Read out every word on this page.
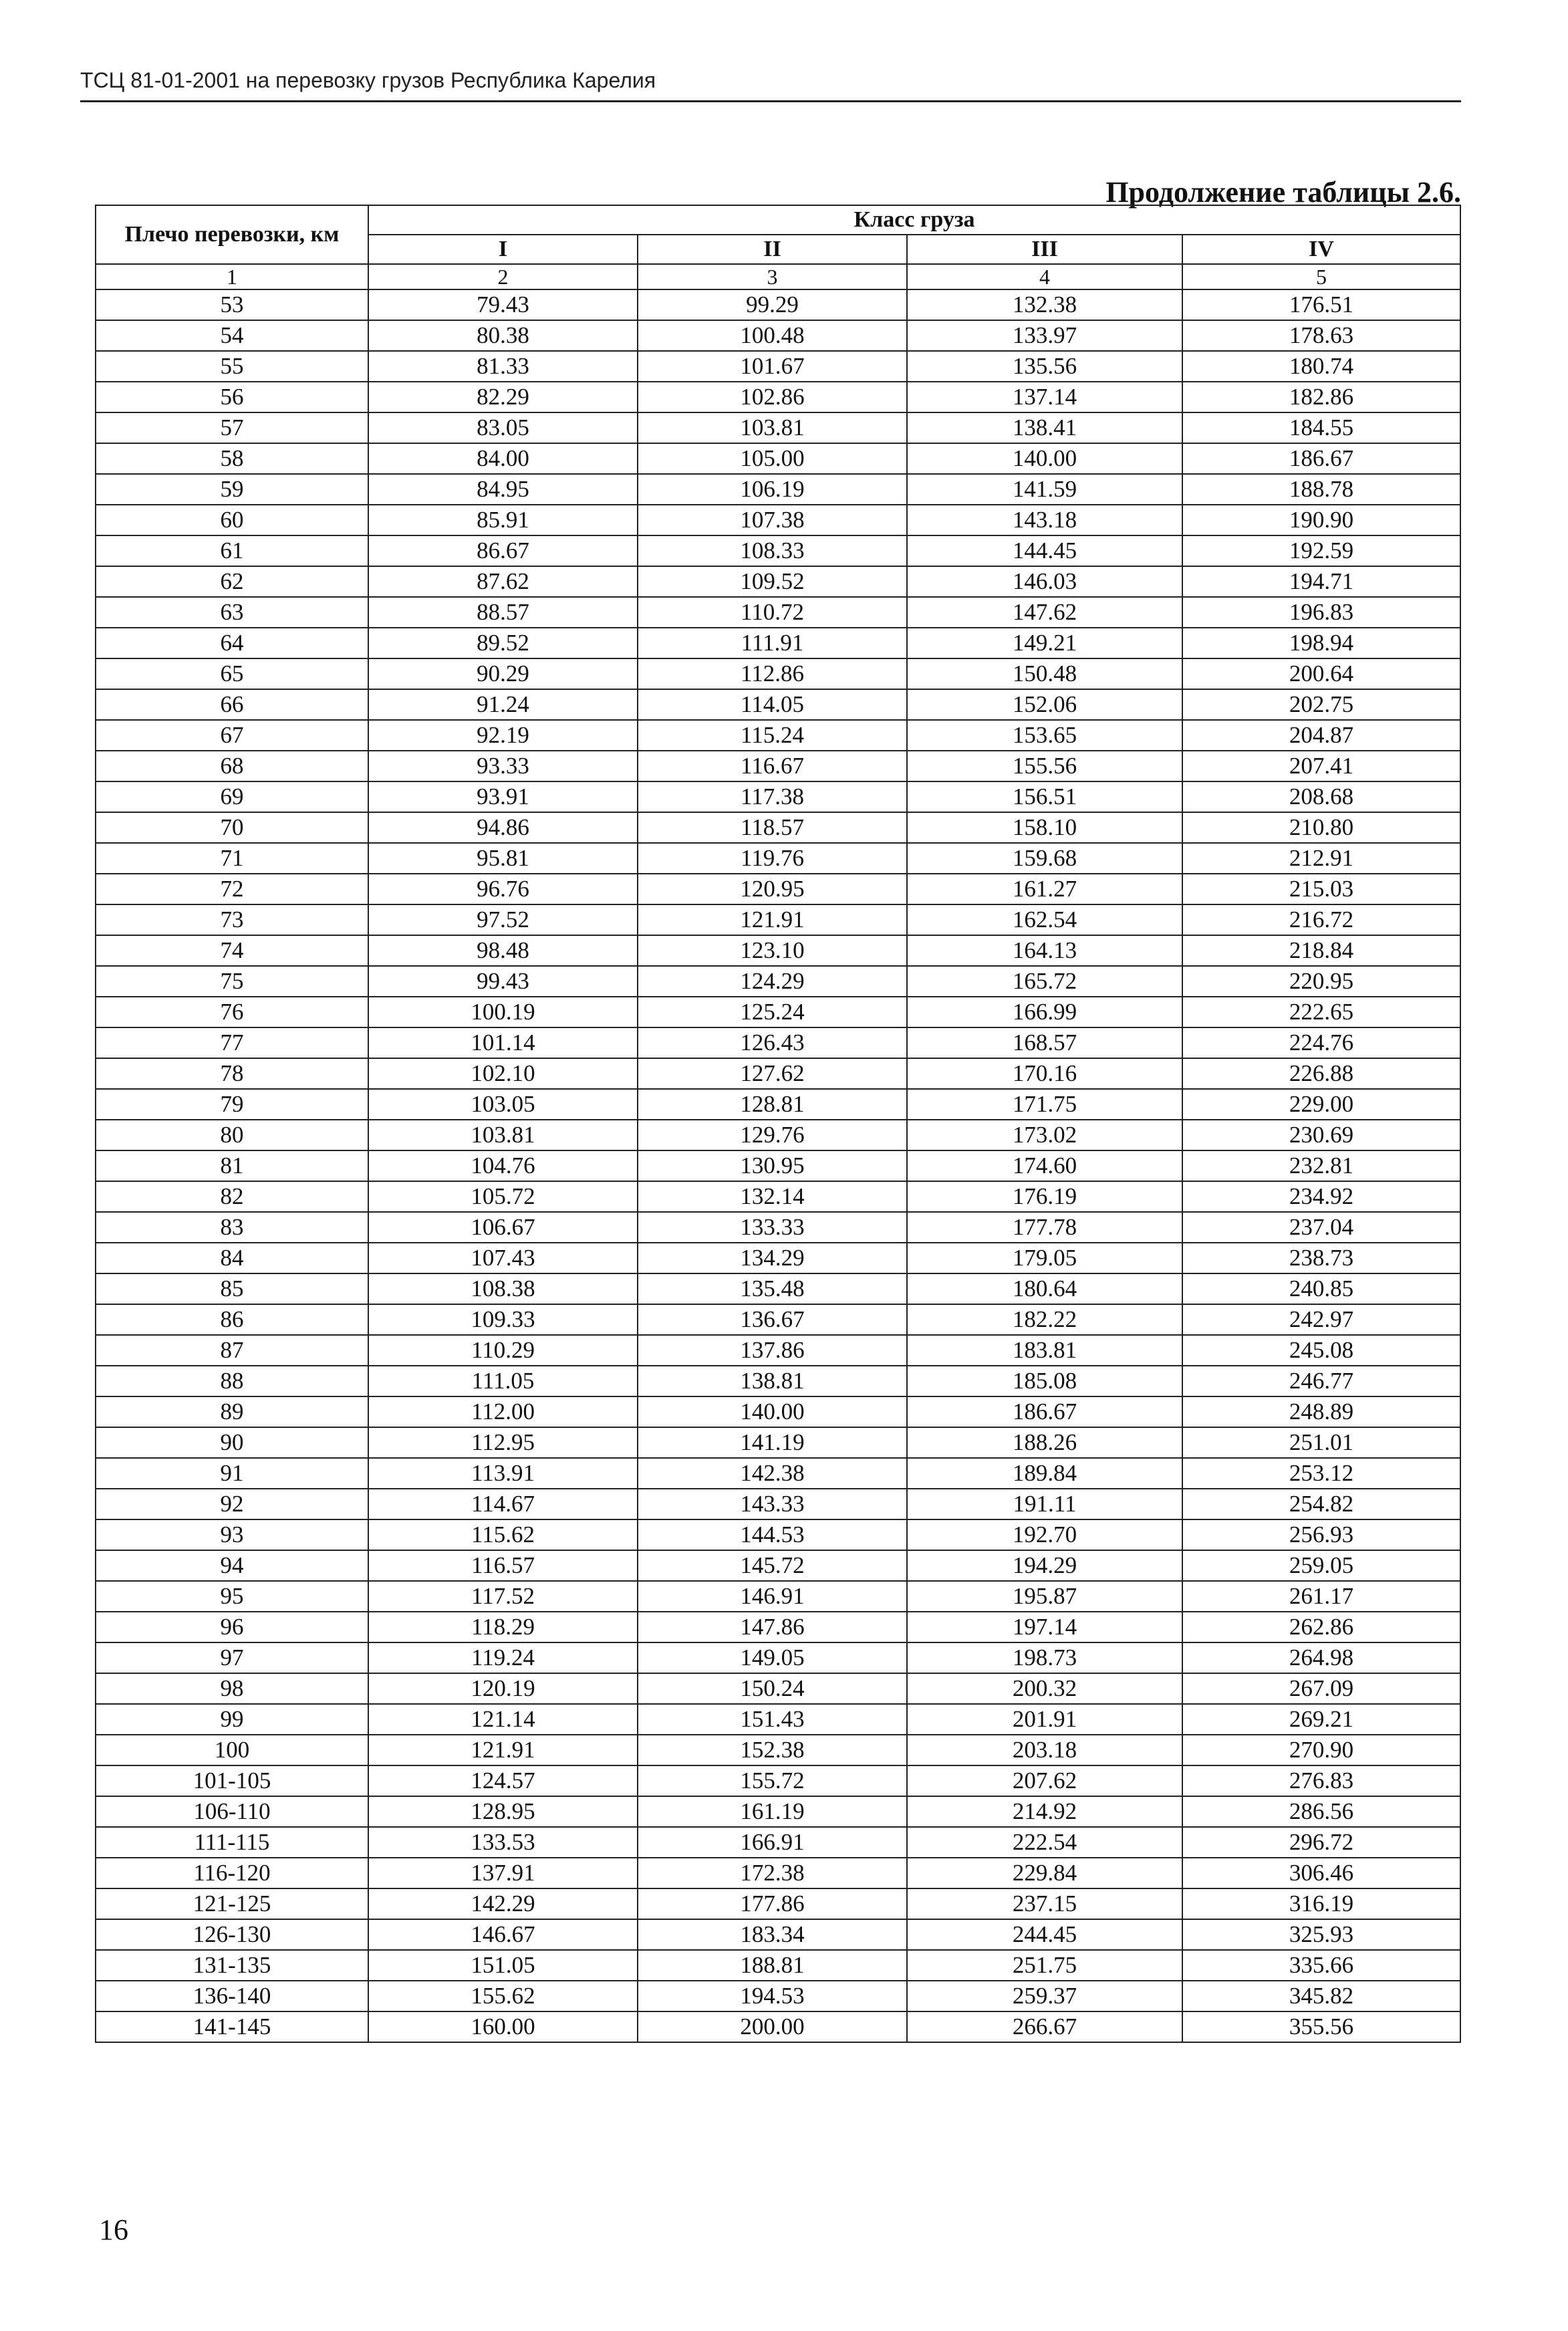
ТСЦ 81-01-2001 на перевозку грузов Республика Карелия
Продолжение таблицы 2.6.
Плечо перевозки, км	Класс груза			
	I	II	III	IV
1	2	3	4	5
53	79.43	99.29	132.38	176.51
54	80.38	100.48	133.97	178.63
55	81.33	101.67	135.56	180.74
56	82.29	102.86	137.14	182.86
57	83.05	103.81	138.41	184.55
58	84.00	105.00	140.00	186.67
59	84.95	106.19	141.59	188.78
60	85.91	107.38	143.18	190.90
61	86.67	108.33	144.45	192.59
62	87.62	109.52	146.03	194.71
63	88.57	110.72	147.62	196.83
64	89.52	111.91	149.21	198.94
65	90.29	112.86	150.48	200.64
66	91.24	114.05	152.06	202.75
67	92.19	115.24	153.65	204.87
68	93.33	116.67	155.56	207.41
69	93.91	117.38	156.51	208.68
70	94.86	118.57	158.10	210.80
71	95.81	119.76	159.68	212.91
72	96.76	120.95	161.27	215.03
73	97.52	121.91	162.54	216.72
74	98.48	123.10	164.13	218.84
75	99.43	124.29	165.72	220.95
76	100.19	125.24	166.99	222.65
77	101.14	126.43	168.57	224.76
78	102.10	127.62	170.16	226.88
79	103.05	128.81	171.75	229.00
80	103.81	129.76	173.02	230.69
81	104.76	130.95	174.60	232.81
82	105.72	132.14	176.19	234.92
83	106.67	133.33	177.78	237.04
84	107.43	134.29	179.05	238.73
85	108.38	135.48	180.64	240.85
86	109.33	136.67	182.22	242.97
87	110.29	137.86	183.81	245.08
88	111.05	138.81	185.08	246.77
89	112.00	140.00	186.67	248.89
90	112.95	141.19	188.26	251.01
91	113.91	142.38	189.84	253.12
92	114.67	143.33	191.11	254.82
93	115.62	144.53	192.70	256.93
94	116.57	145.72	194.29	259.05
95	117.52	146.91	195.87	261.17
96	118.29	147.86	197.14	262.86
97	119.24	149.05	198.73	264.98
98	120.19	150.24	200.32	267.09
99	121.14	151.43	201.91	269.21
100	121.91	152.38	203.18	270.90
101-105	124.57	155.72	207.62	276.83
106-110	128.95	161.19	214.92	286.56
111-115	133.53	166.91	222.54	296.72
116-120	137.91	172.38	229.84	306.46
121-125	142.29	177.86	237.15	316.19
126-130	146.67	183.34	244.45	325.93
131-135	151.05	188.81	251.75	335.66
136-140	155.62	194.53	259.37	345.82
141-145	160.00	200.00	266.67	355.56
16
